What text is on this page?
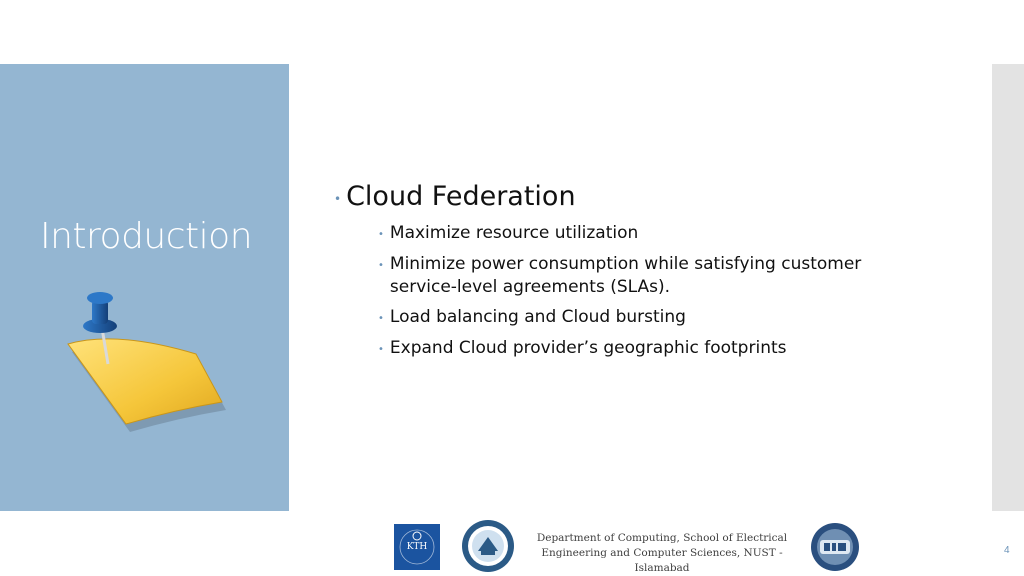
Introduction
• Cloud Federation
• Maximize resource utilization
• Minimize power consumption while satisfying customer service-level agreements (SLAs).
• Load balancing and Cloud bursting
• Expand Cloud provider’s geographic footprints
KTH
Department of Computing, School of Electrical Engineering and Computer Sciences, NUST - Islamabad
4
